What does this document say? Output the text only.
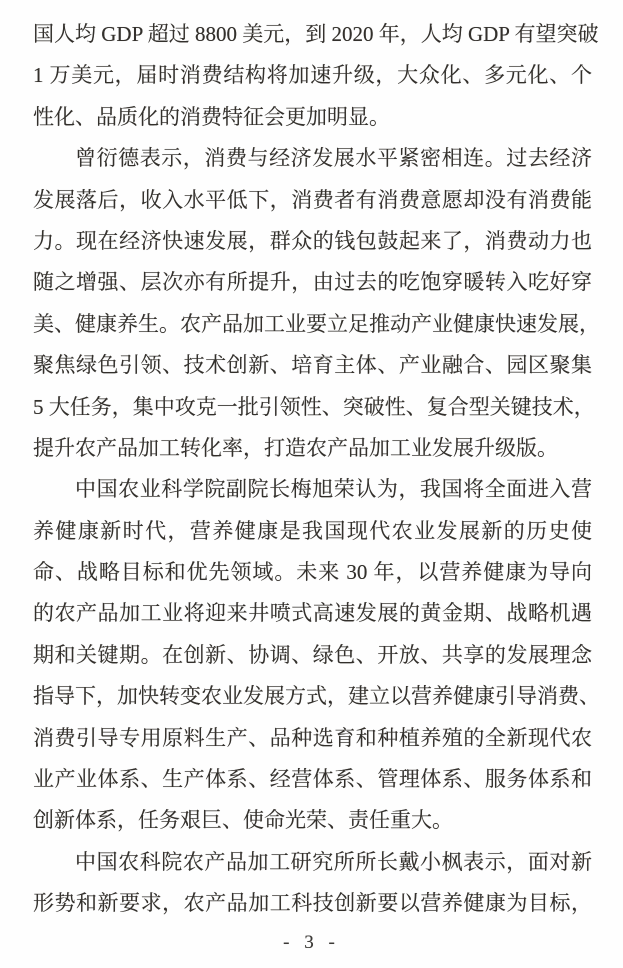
国人均 GDP 超过 8800 美元，到 2020 年，人均 GDP 有望突破
1 万美元，届时消费结构将加速升级，大众化、多元化、个
性化、品质化的消费特征会更加明显。
曾衍德表示，消费与经济发展水平紧密相连。过去经济
发展落后，收入水平低下，消费者有消费意愿却没有消费能
力。现在经济快速发展，群众的钱包鼓起来了，消费动力也
随之增强、层次亦有所提升，由过去的吃饱穿暖转入吃好穿
美、健康养生。农产品加工业要立足推动产业健康快速发展，
聚焦绿色引领、技术创新、培育主体、产业融合、园区聚集
5 大任务，集中攻克一批引领性、突破性、复合型关键技术，
提升农产品加工转化率，打造农产品加工业发展升级版。
中国农业科学院副院长梅旭荣认为，我国将全面进入营
养健康新时代，营养健康是我国现代农业发展新的历史使
命、战略目标和优先领域。未来 30 年，以营养健康为导向
的农产品加工业将迎来井喷式高速发展的黄金期、战略机遇
期和关键期。在创新、协调、绿色、开放、共享的发展理念
指导下，加快转变农业发展方式，建立以营养健康引导消费、
消费引导专用原料生产、品种选育和种植养殖的全新现代农
业产业体系、生产体系、经营体系、管理体系、服务体系和
创新体系，任务艰巨、使命光荣、责任重大。
中国农科院农产品加工研究所所长戴小枫表示，面对新
形势和新要求，农产品加工科技创新要以营养健康为目标，
- 3 -
